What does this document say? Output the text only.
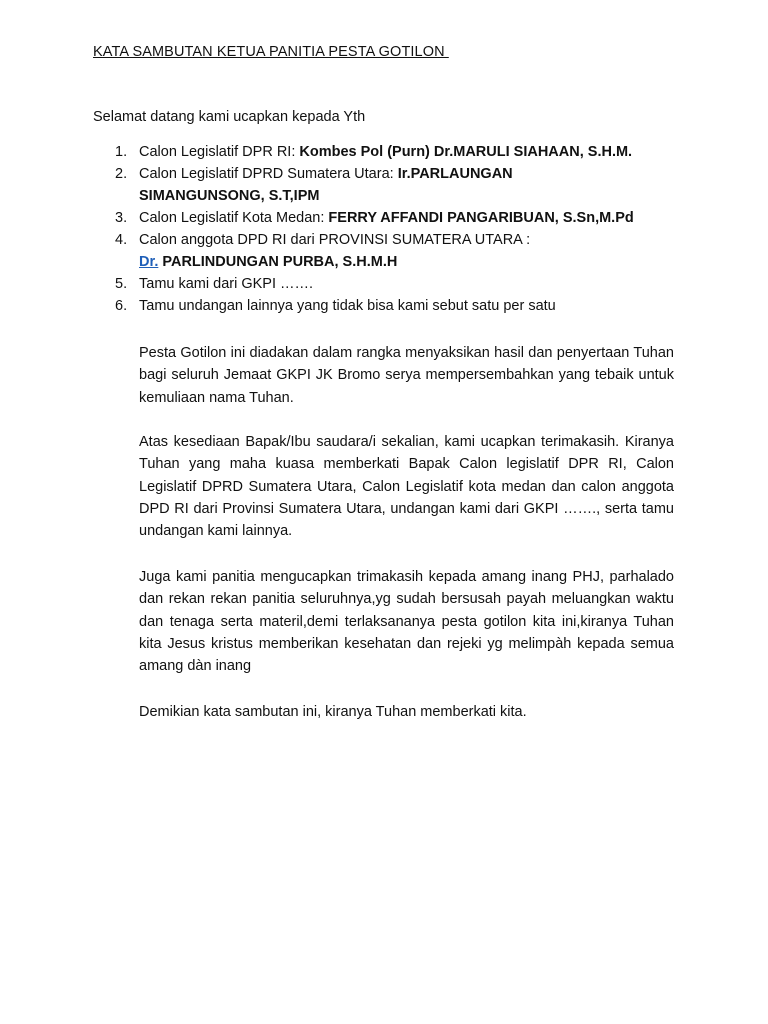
KATA SAMBUTAN KETUA PANITIA PESTA GOTILON
Selamat datang kami ucapkan kepada Yth
1. Calon Legislatif DPR RI: Kombes Pol (Purn) Dr.MARULI SIAHAAN, S.H.M.
2. Calon Legislatif DPRD Sumatera Utara: Ir.PARLAUNGAN SIMANGUNSONG, S.T,IPM
3. Calon Legislatif Kota Medan: FERRY AFFANDI PANGARIBUAN, S.Sn,M.Pd
4. Calon anggota DPD RI dari PROVINSI SUMATERA UTARA :
Dr. PARLINDUNGAN PURBA, S.H.M.H
5. Tamu kami dari GKPI …….
6. Tamu undangan lainnya yang tidak bisa kami sebut satu per satu

Pesta Gotilon ini diadakan dalam rangka menyaksikan hasil dan penyertaan Tuhan bagi seluruh Jemaat GKPI JK Bromo serya mempersembahkan yang tebaik untuk kemuliaan nama Tuhan.

Atas kesediaan Bapak/Ibu saudara/i sekalian, kami ucapkan terimakasih. Kiranya Tuhan yang maha kuasa memberkati Bapak Calon legislatif DPR RI, Calon Legislatif DPRD Sumatera Utara, Calon Legislatif kota medan dan calon anggota DPD RI dari Provinsi Sumatera Utara, undangan kami dari GKPI ……., serta tamu undangan kami lainnya.

Juga kami panitia mengucapkan trimakasih kepada amang inang PHJ, parhalado dan rekan rekan panitia seluruhnya,yg sudah bersusah payah meluangkan waktu dan tenaga serta materil,demi terlaksananya pesta gotilon kita ini,kiranya Tuhan kita Jesus kristus memberikan kesehatan dan rejeki yg melimpàh kepada semua amang dàn inang

Demikian kata sambutan ini, kiranya Tuhan memberkati kita.
